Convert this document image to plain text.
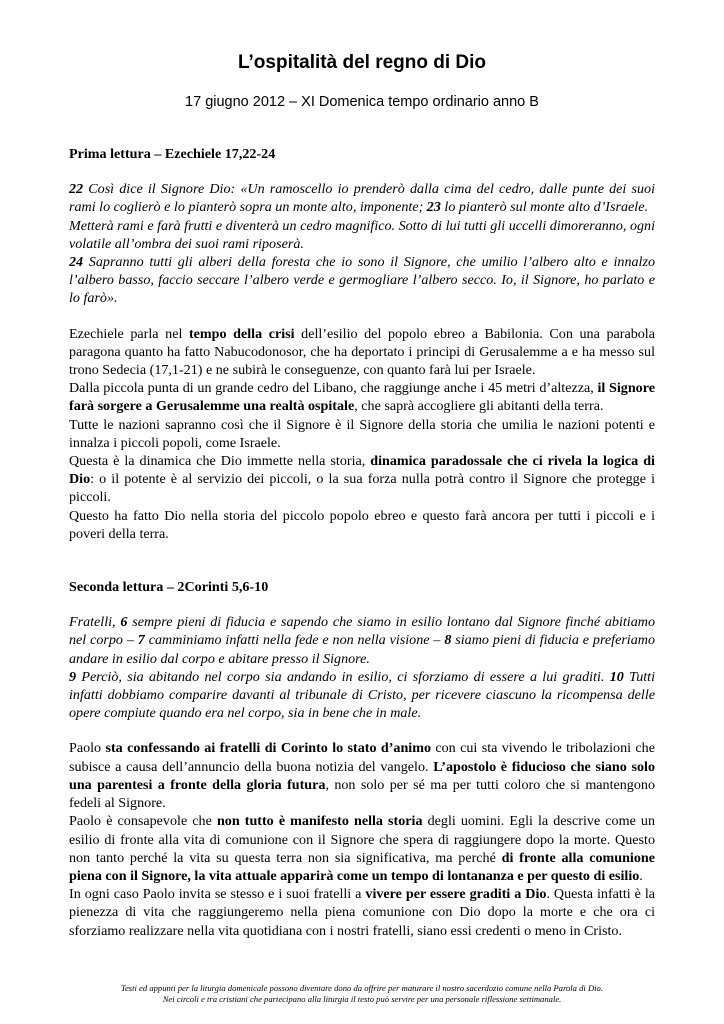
L’ospitalità del regno di Dio
17 giugno 2012 – XI Domenica tempo ordinario anno B

Prima lettura – Ezechiele 17,22-24

22 Così dice il Signore Dio: «Un ramoscello io prenderò dalla cima del cedro, dalle punte dei suoi rami lo coglierò e lo pianterò sopra un monte alto, imponente; 23 lo pianterò sul monte alto d’Israele.

Metterà rami e farà frutti e diventerà un cedro magnifico. Sotto di lui tutti gli uccelli dimoreranno, ogni volatile all’ombra dei suoi rami riposerà.

24 Sapranno tutti gli alberi della foresta che io sono il Signore, che umilio l’albero alto e innalzo l’albero basso, faccio seccare l’albero verde e germogliare l’albero secco. Io, il Signore, ho parlato e lo farò».

Ezechiele parla nel tempo della crisi dell’esilio del popolo ebreo a Babilonia. Con una parabola paragona quanto ha fatto Nabucodonosor, che ha deportato i principi di Gerusalemme a e ha messo sul trono Sedecia (17,1-21) e ne subirà le conseguenze, con quanto farà lui per Israele.

Dalla piccola punta di un grande cedro del Libano, che raggiunge anche i 45 metri d’altezza, il Signore farà sorgere a Gerusalemme una realtà ospitale, che saprà accogliere gli abitanti della terra.

Tutte le nazioni sapranno così che il Signore è il Signore della storia che umilia le nazioni potenti e innalza i piccoli popoli, come Israele.

Questa è la dinamica che Dio immette nella storia, dinamica paradossale che ci rivela la logica di Dio: o il potente è al servizio dei piccoli, o la sua forza nulla potrà contro il Signore che protegge i piccoli.

Questo ha fatto Dio nella storia del piccolo popolo ebreo e questo farà ancora per tutti i piccoli e i poveri della terra.

Seconda lettura – 2Corinti 5,6-10

Fratelli, 6 sempre pieni di fiducia e sapendo che siamo in esilio lontano dal Signore finché abitiamo nel corpo – 7 camminiamo infatti nella fede e non nella visione – 8 siamo pieni di fiducia e preferiamo andare in esilio dal corpo e abitare presso il Signore.

9 Perciò, sia abitando nel corpo sia andando in esilio, ci sforziamo di essere a lui graditi. 10 Tutti infatti dobbiamo comparire davanti al tribunale di Cristo, per ricevere ciascuno la ricompensa delle opere compiute quando era nel corpo, sia in bene che in male.

Paolo sta confessando ai fratelli di Corinto lo stato d’animo con cui sta vivendo le tribolazioni che subisce a causa dell’annuncio della buona notizia del vangelo. L’apostolo è fiducioso che siano solo una parentesi a fronte della gloria futura, non solo per sé ma per tutti coloro che si mantengono fedeli al Signore.

Paolo è consapevole che non tutto è manifesto nella storia degli uomini. Egli la descrive come un esilio di fronte alla vita di comunione con il Signore che spera di raggiungere dopo la morte. Questo non tanto perché la vita su questa terra non sia significativa, ma perché di fronte alla comunione piena con il Signore, la vita attuale apparirà come un tempo di lontananza e per questo di esilio.

In ogni caso Paolo invita se stesso e i suoi fratelli a vivere per essere graditi a Dio. Questa infatti è la pienezza di vita che raggiungeremo nella piena comunione con Dio dopo la morte e che ora ci sforziamo realizzare nella vita quotidiana con i nostri fratelli, siano essi credenti o meno in Cristo.

Testi ed appunti per la liturgia domenicale possono diventare dono da offrire per maturare il nostro sacerdozio comune nella Parola di Dio.
Nei circoli e tra cristiani che partecipano alla liturgia il testo può servire per una personale riflessione settimanale.
